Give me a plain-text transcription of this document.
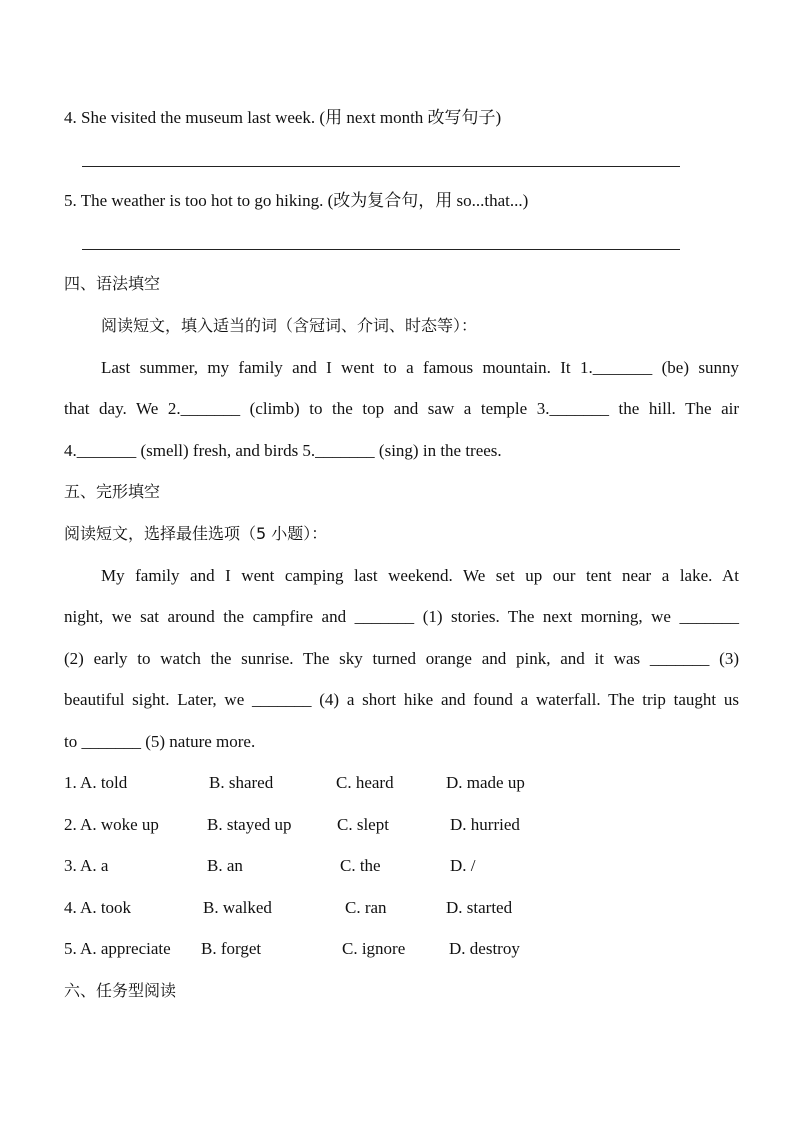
4. She visited the museum last week. (用 next month 改写句子)
5. The weather is too hot to go hiking. (改为复合句，用 so...that...)
四、语法填空
阅读短文，填入适当的词（含冠词、介词、时态等）：
Last summer, my family and I went to a famous mountain. It 1._______ (be) sunny
that day. We 2._______ (climb) to the top and saw a temple 3._______ the hill. The air
4._______ (smell) fresh, and birds 5._______ (sing) in the trees.
五、完形填空
阅读短文，选择最佳选项（5 小题）：
My family and I went camping last weekend. We set up our tent near a lake. At
night, we sat around the campfire and _______ (1) stories. The next morning, we _______
(2) early to watch the sunrise. The sky turned orange and pink, and it was _______ (3)
beautiful sight. Later, we _______ (4) a short hike and found a waterfall. The trip taught us
to _______ (5) nature more.
1. A. told	B. shared	C. heard	D. made up
2. A. woke up	B. stayed up	C. slept	D. hurried
3. A. a	B. an	C. the	D. /
4. A. took	B. walked	C. ran	D. started
5. A. appreciate B. forget	C. ignore	D. destroy
六、任务型阅读
